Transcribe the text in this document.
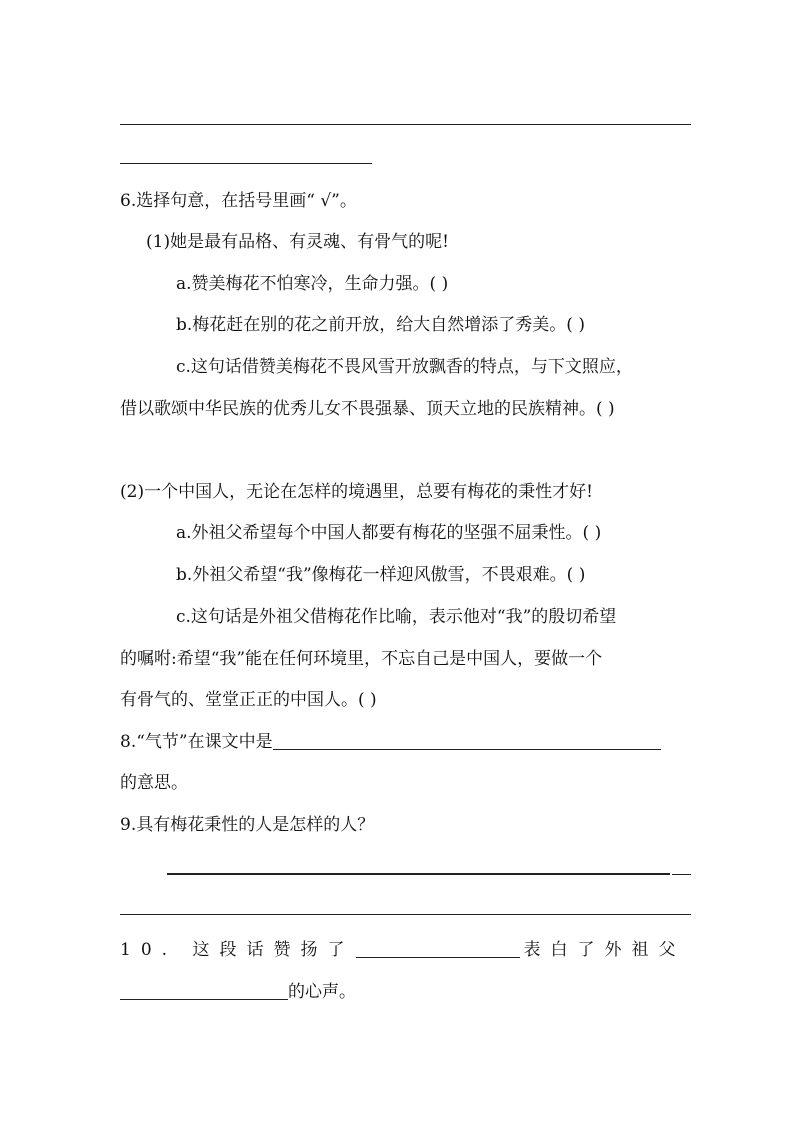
6.选择句意，在括号里画“ √”。
(1)她是最有品格、有灵魂、有骨气的呢!
a.赞美梅花不怕寒冷，生命力强。( )
b.梅花赶在别的花之前开放，给大自然增添了秀美。( )
c.这句话借赞美梅花不畏风雪开放飘香的特点，与下文照应，
借以歌颂中华民族的优秀儿女不畏强暴、顶天立地的民族精神。( )
(2)一个中国人，无论在怎样的境遇里，总要有梅花的秉性才好!
a.外祖父希望每个中国人都要有梅花的坚强不屈秉性。( )
b.外祖父希望“我”像梅花一样迎风傲雪，不畏艰难。( )
c.这句话是外祖父借梅花作比喻，表示他对“我”的殷切希望
的嘱咐:希望“我”能在任何环境里，不忘自己是中国人，要做一个
有骨气的、堂堂正正的中国人。( )
8.“气节”在课文中是
的意思。
9.具有梅花秉性的人是怎样的人？
10. 这段话赞扬了	表白了外祖父
的心声。
